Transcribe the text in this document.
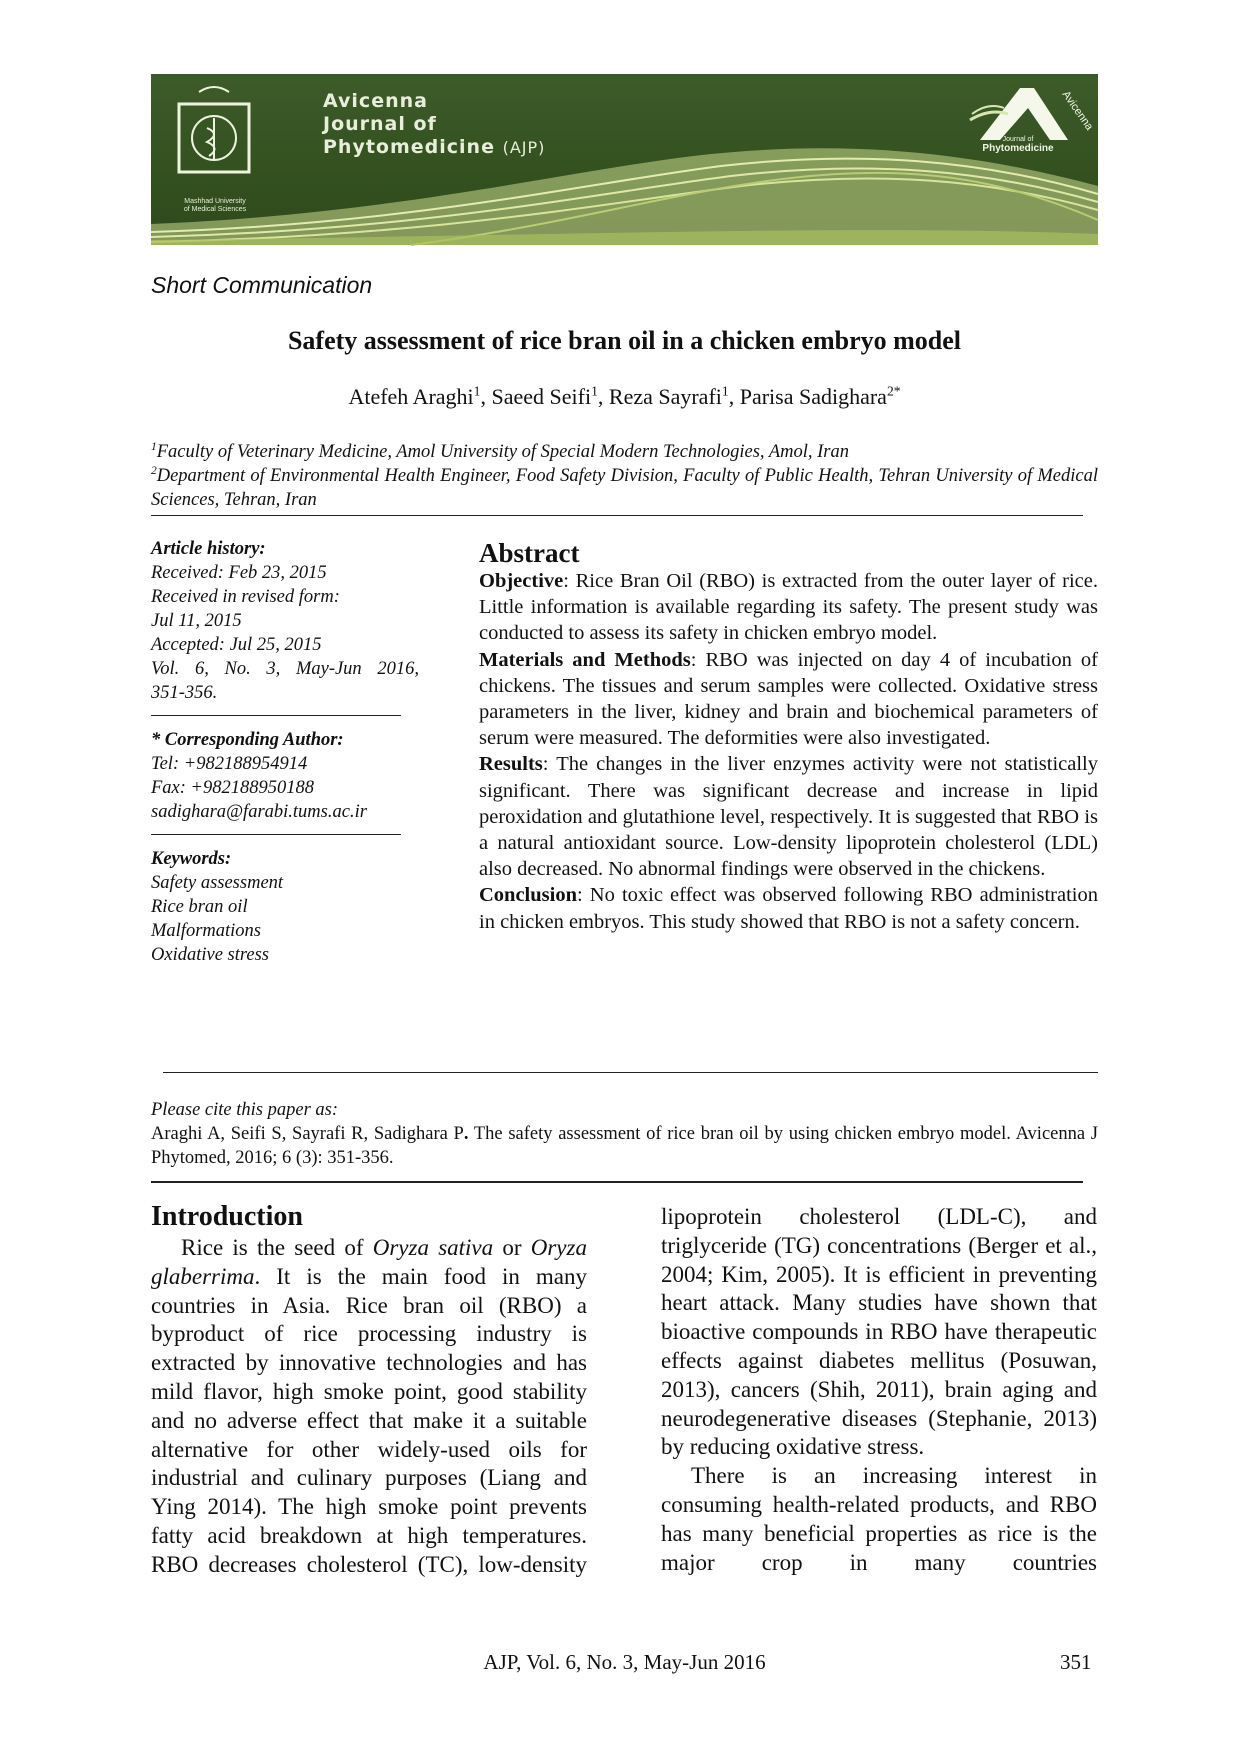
Mashhad University
of Medical Sciences
Avicenna
Journal of
Phytomedicine (AJP)
Avicenna
Journal of
Phytomedicine
Short Communication
Safety assessment of rice bran oil in a chicken embryo model
Atefeh Araghi$^1$, Saeed Seifi$^1$, Reza Sayrafi$^1$, Parisa Sadighara$^{2*}$

$^1$Faculty of Veterinary Medicine, Amol University of Special Modern Technologies, Amol, Iran

$^2$Department of Environmental Health Engineer, Food Safety Division, Faculty of Public Health, Tehran University of Medical Sciences, Tehran, Iran

Article history:
Received: Feb 23, 2015
Received in revised form:
Jul 11, 2015
Accepted: Jul 25, 2015
Vol. 6, No. 3, May-Jun 2016,
351-356.
* Corresponding Author:
Tel: +982188954914
Fax: +982188950188
sadighara@farabi.tums.ac.ir
Keywords:
Safety assessment
Rice bran oil
Malformations
Oxidative stress
Abstract

Objective: Rice Bran Oil (RBO) is extracted from the outer layer of rice. Little information is available regarding its safety. The present study was conducted to assess its safety in chicken embryo model.

Materials and Methods: RBO was injected on day 4 of incubation of chickens. The tissues and serum samples were collected. Oxidative stress parameters in the liver, kidney and brain and biochemical parameters of serum were measured. The deformities were also investigated.

Results: The changes in the liver enzymes activity were not statistically significant. There was significant decrease and increase in lipid peroxidation and glutathione level, respectively. It is suggested that RBO is a natural antioxidant source. Low-density lipoprotein cholesterol (LDL) also decreased. No abnormal findings were observed in the chickens.

Conclusion: No toxic effect was observed following RBO administration in chicken embryos. This study showed that RBO is not a safety concern.

Please cite this paper as:
Araghi A, Seifi S, Sayrafi R, Sadighara P. The safety assessment of rice bran oil by using chicken embryo model. Avicenna J Phytomed, 2016; 6 (3): 351-356.
Introduction

Rice is the seed of Oryza sativa or Oryza glaberrima. It is the main food in many countries in Asia. Rice bran oil (RBO) a byproduct of rice processing industry is extracted by innovative technologies and has mild flavor, high smoke point, good stability and no adverse effect that make it a suitable alternative for other widely-used oils for industrial and culinary purposes (Liang and Ying 2014). The high smoke point prevents fatty acid breakdown at high temperatures. RBO decreases cholesterol (TC), low-density

lipoprotein cholesterol (LDL-C), and triglyceride (TG) concentrations (Berger et al., 2004; Kim, 2005). It is efficient in preventing heart attack. Many studies have shown that bioactive compounds in RBO have therapeutic effects against diabetes mellitus (Posuwan, 2013), cancers (Shih, 2011), brain aging and neurodegenerative diseases (Stephanie, 2013) by reducing oxidative stress.

There is an increasing interest in consuming health-related products, and RBO has many beneficial properties as rice is the major crop in many countries

AJP, Vol. 6, No. 3, May-Jun 2016	351
